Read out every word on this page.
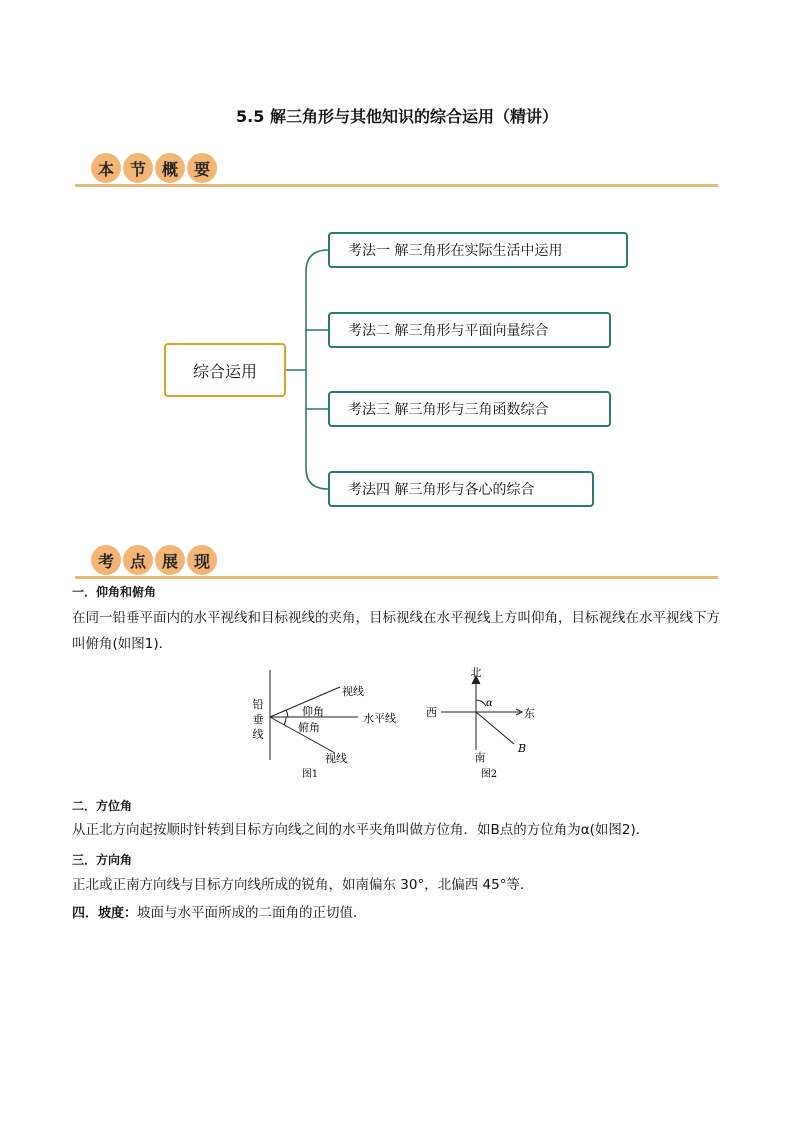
5.5 解三角形与其他知识的综合运用（精讲）
本 节 概 要
综合运用
考法一 解三角形在实际生活中运用
考法二 解三角形与平面向量综合
考法三 解三角形与三角函数综合
考法四 解三角形与各心的综合
考 点 展 现
一．仰角和俯角
在同一铅垂平面内的水平视线和目标视线的夹角，目标视线在水平视线上方叫仰角，目标视线在水平视线下方叫俯角(如图1)．
铅
垂
线
视线
仰角
水平线
俯角
视线
图1
北
西	东
南
α
B
图2
二．方位角
从正北方向起按顺时针转到目标方向线之间的水平夹角叫做方位角．如B点的方位角为α(如图2)．
三．方向角
正北或正南方向线与目标方向线所成的锐角，如南偏东 30°，北偏西 45°等．
四．坡度：坡面与水平面所成的二面角的正切值．
